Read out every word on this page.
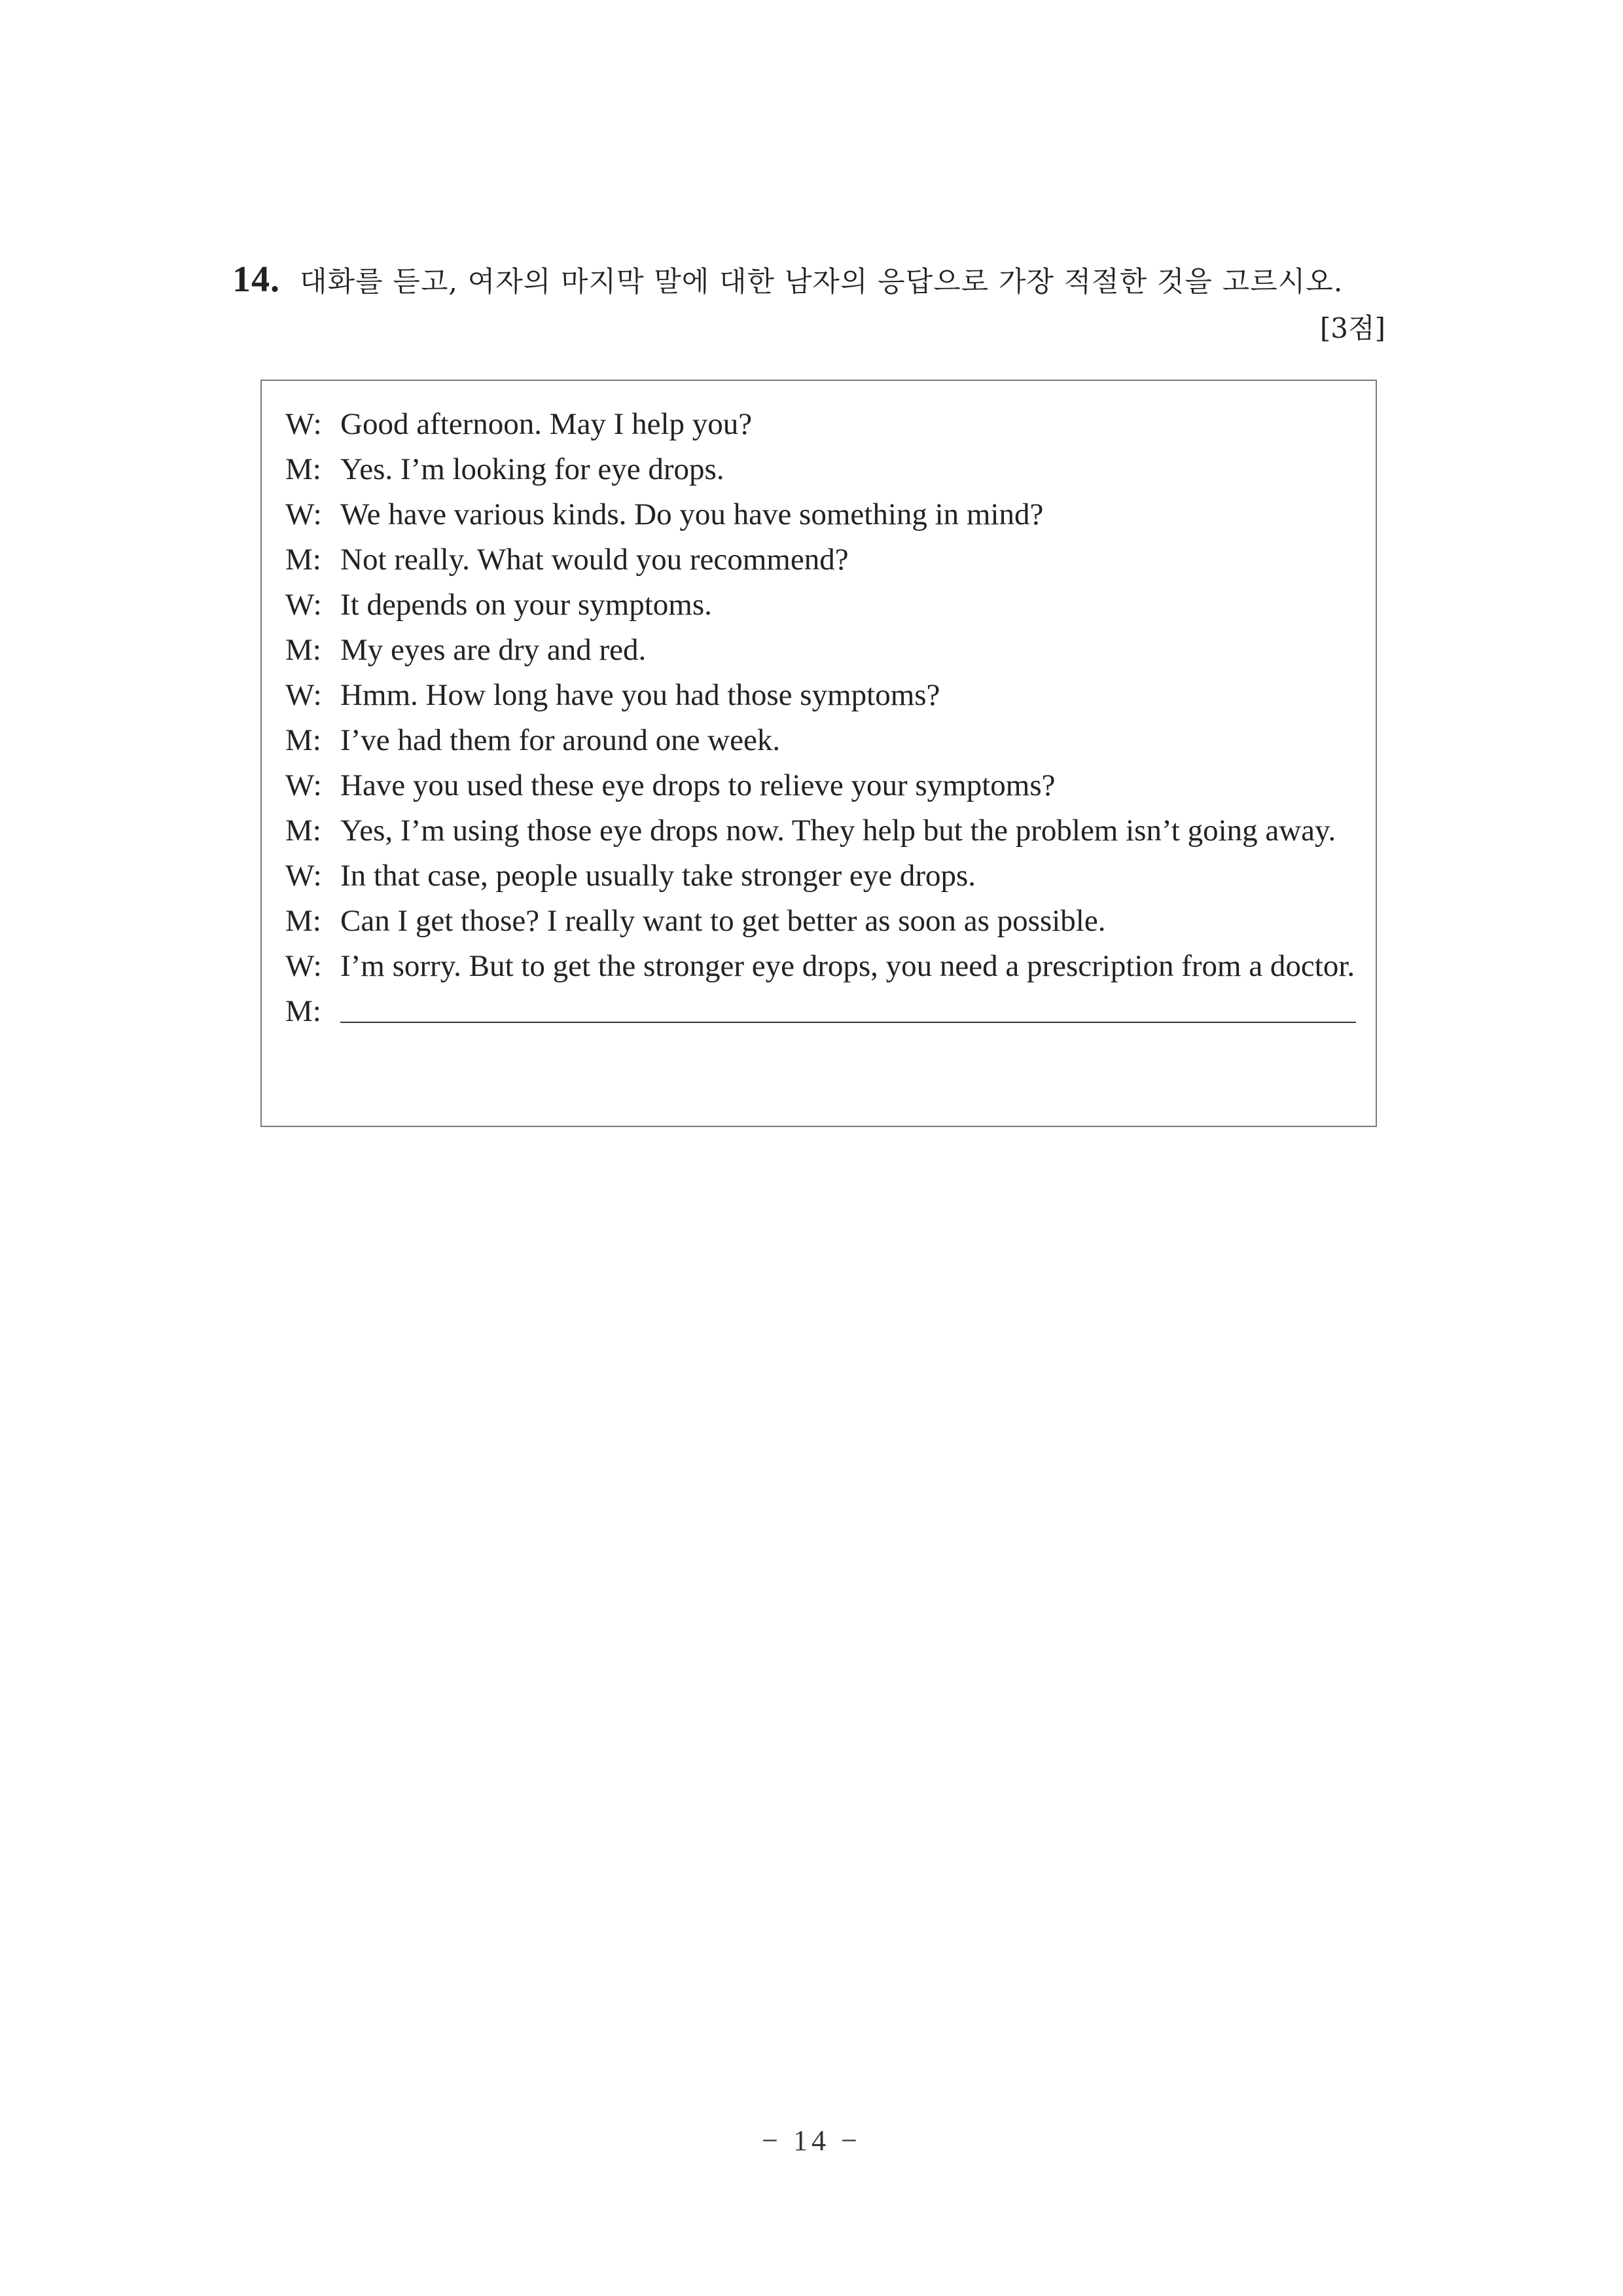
14. 대화를 듣고, 여자의 마지막 말에 대한 남자의 응답으로 가장 적절한 것을 고르시오.
[3점]
W: Good afternoon. May I help you?
M: Yes. I’m looking for eye drops.
W: We have various kinds. Do you have something in mind?
M: Not really. What would you recommend?
W: It depends on your symptoms.
M: My eyes are dry and red.
W: Hmm. How long have you had those symptoms?
M: I’ve had them for around one week.
W: Have you used these eye drops to relieve your symptoms?
M: Yes, I’m using those eye drops now. They help but the problem isn’t going away.
W: In that case, people usually take stronger eye drops.
M: Can I get those? I really want to get better as soon as possible.
W: I’m sorry. But to get the stronger eye drops, you need a prescription from a doctor.
M:
− 14 −
